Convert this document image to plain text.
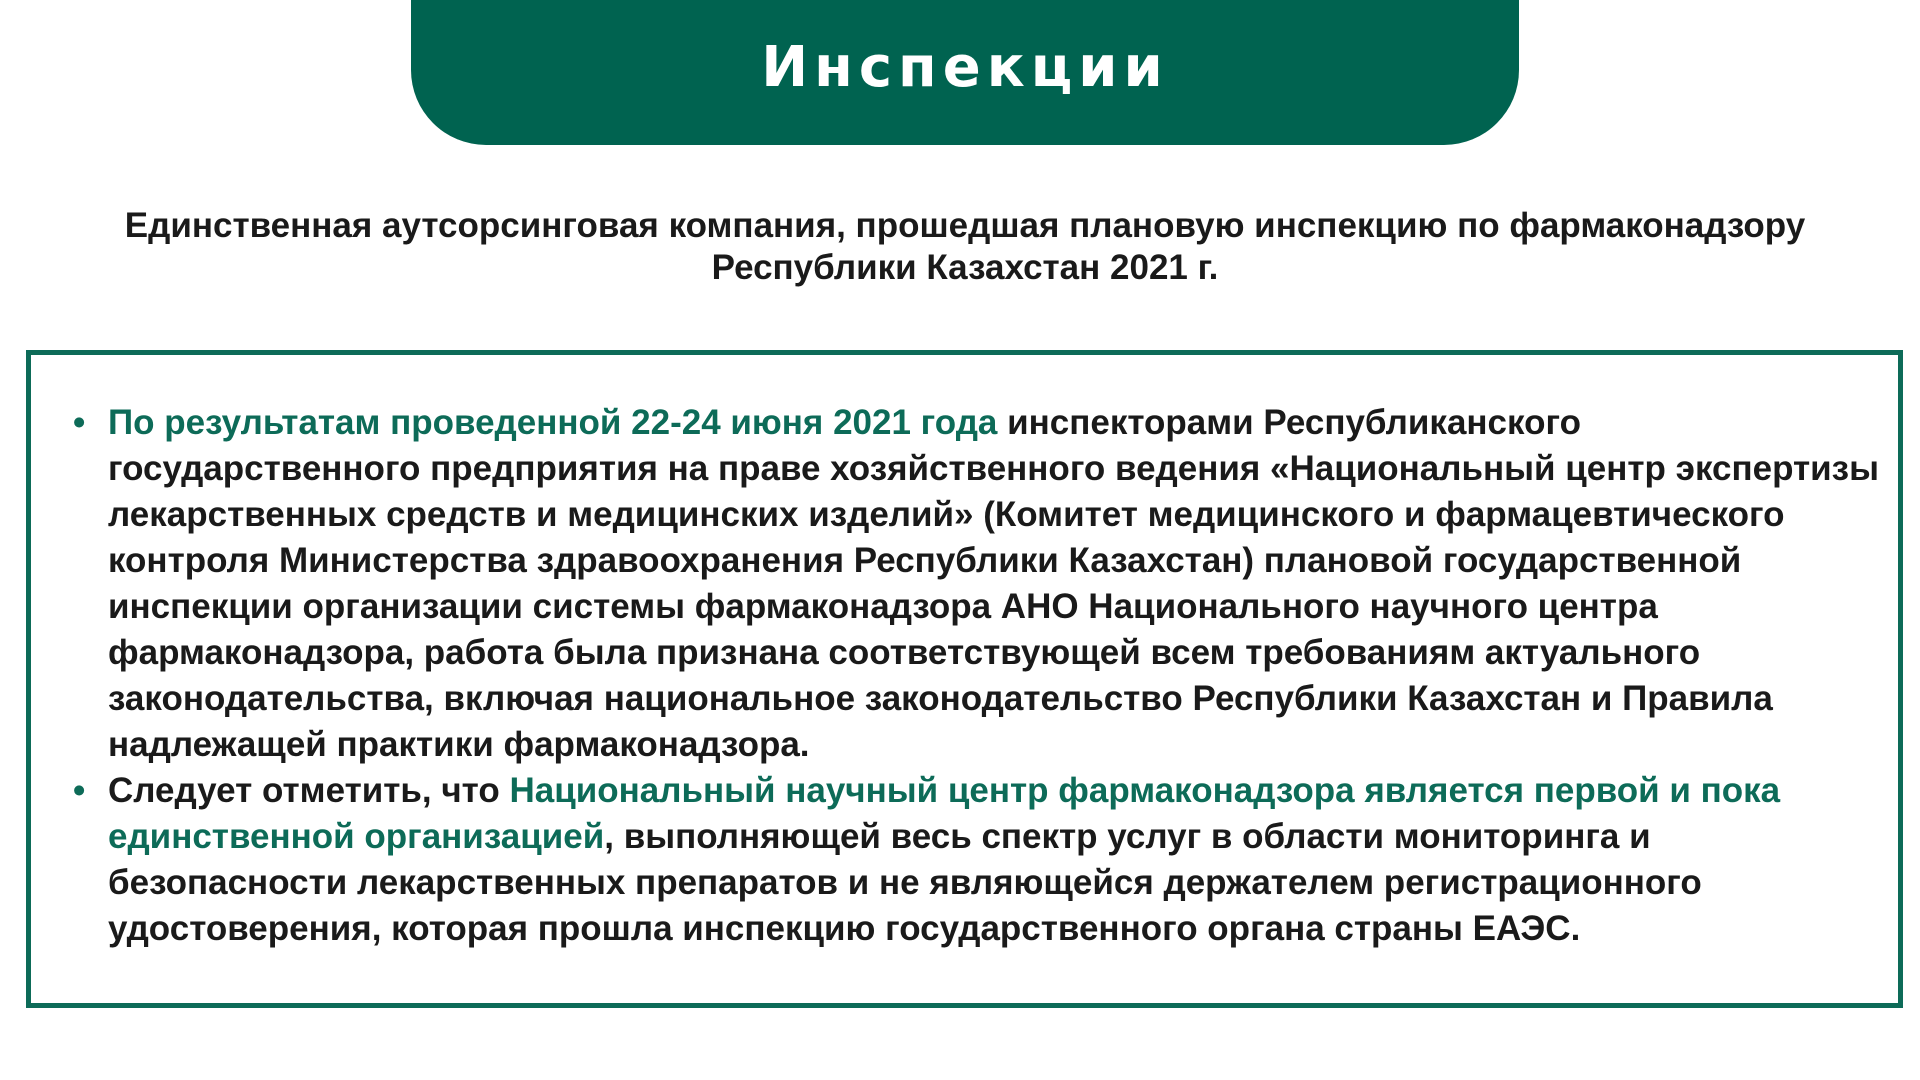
Инспекции
Единственная аутсорсинговая компания, прошедшая плановую инспекцию по фармаконадзору
Республики Казахстан 2021 г.
• По результатам проведенной 22-24 июня 2021 года инспекторами Республиканского государственного предприятия на праве хозяйственного ведения «Национальный центр экспертизы лекарственных средств и медицинских изделий» (Комитет медицинского и фармацевтического контроля Министерства здравоохранения Республики Казахстан) плановой государственной инспекции организации системы фармаконадзора АНО Национального научного центра фармаконадзора, работа была признана соответствующей всем требованиям актуального законодательства, включая национальное законодательство Республики Казахстан и Правила надлежащей практики фармаконадзора.
• Следует отметить, что Национальный научный центр фармаконадзора является первой и пока единственной организацией, выполняющей весь спектр услуг в области мониторинга и безопасности лекарственных препаратов и не являющейся держателем регистрационного удостоверения, которая прошла инспекцию государственного органа страны ЕАЭС.
